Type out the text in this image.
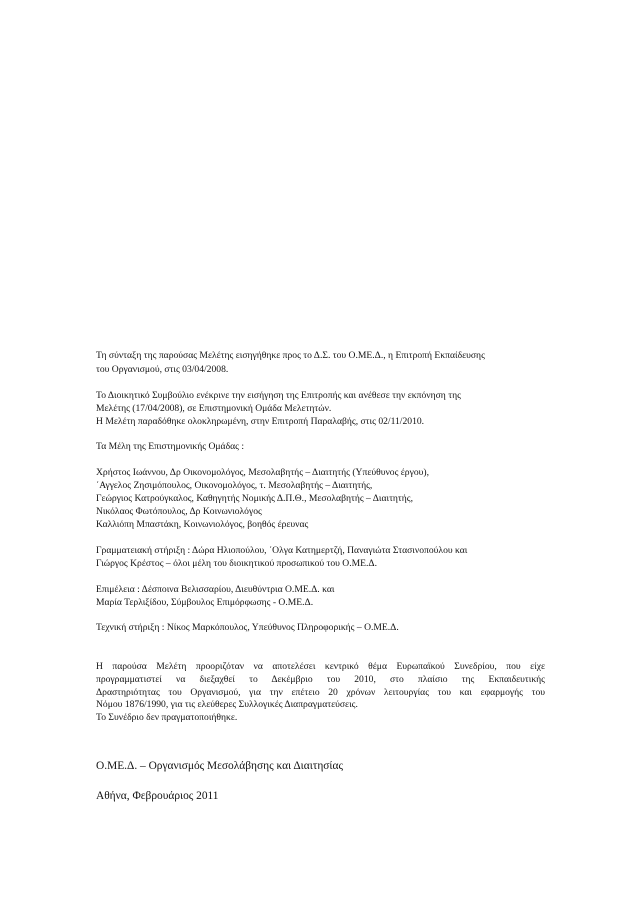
Τη σύνταξη της παρούσας Μελέτης εισηγήθηκε προς το Δ.Σ. του Ο.ΜΕ.Δ., η Επιτροπή Εκπαίδευσης

του Οργανισμού, στις 03/04/2008.

Το Διοικητικό Συμβούλιο ενέκρινε την εισήγηση της Επιτροπής και ανέθεσε την εκπόνηση της

Μελέτης (17/04/2008), σε Επιστημονική Ομάδα Μελετητών.

Η Μελέτη παραδόθηκε ολοκληρωμένη, στην Επιτροπή Παραλαβής, στις 02/11/2010.

Τα Μέλη της Επιστημονικής Ομάδας :

Χρήστος Ιωάννου, Δρ Οικονομολόγος, Μεσολαβητής – Διαιτητής (Υπεύθυνος έργου),

΄Αγγελος Ζησιμόπουλος, Οικονομολόγος, τ. Μεσολαβητής – Διαιτητής,

Γεώργιος Κατρούγκαλος, Καθηγητής Νομικής Δ.Π.Θ., Μεσολαβητής – Διαιτητής,

Νικόλαος Φωτόπουλος, Δρ Κοινωνιολόγος

Καλλιόπη Μπαστάκη, Κοινωνιολόγος, βοηθός έρευνας

Γραμματειακή στήριξη : Δώρα Ηλιοπούλου, ΄Ολγα Κατημερτζή, Παναγιώτα Στασινοπούλου και

Γιώργος Κρέστος – όλοι μέλη του διοικητικού προσωπικού του Ο.ΜΕ.Δ.

Επιμέλεια : Δέσποινα Βελισσαρίου, Διευθύντρια Ο.ΜΕ.Δ. και

Μαρία Τερλιξίδου, Σύμβουλος Επιμόρφωσης - Ο.ΜΕ.Δ.

Τεχνική στήριξη : Νίκος Μαρκόπουλος, Υπεύθυνος Πληροφορικής – Ο.ΜΕ.Δ.

Η παρούσα Μελέτη προοριζόταν να αποτελέσει κεντρικό θέμα Ευρωπαϊκού Συνεδρίου, που είχε

προγραμματιστεί να διεξαχθεί το Δεκέμβριο του 2010, στο πλαίσιο της Εκπαιδευτικής

Δραστηριότητας του Οργανισμού, για την επέτειο 20 χρόνων λειτουργίας του και εφαρμογής του

Νόμου 1876/1990, για τις ελεύθερες Συλλογικές Διαπραγματεύσεις.

Το Συνέδριο δεν πραγματοποιήθηκε.

Ο.ΜΕ.Δ. – Οργανισμός Μεσολάβησης και Διαιτησίας

Αθήνα, Φεβρουάριος 2011
